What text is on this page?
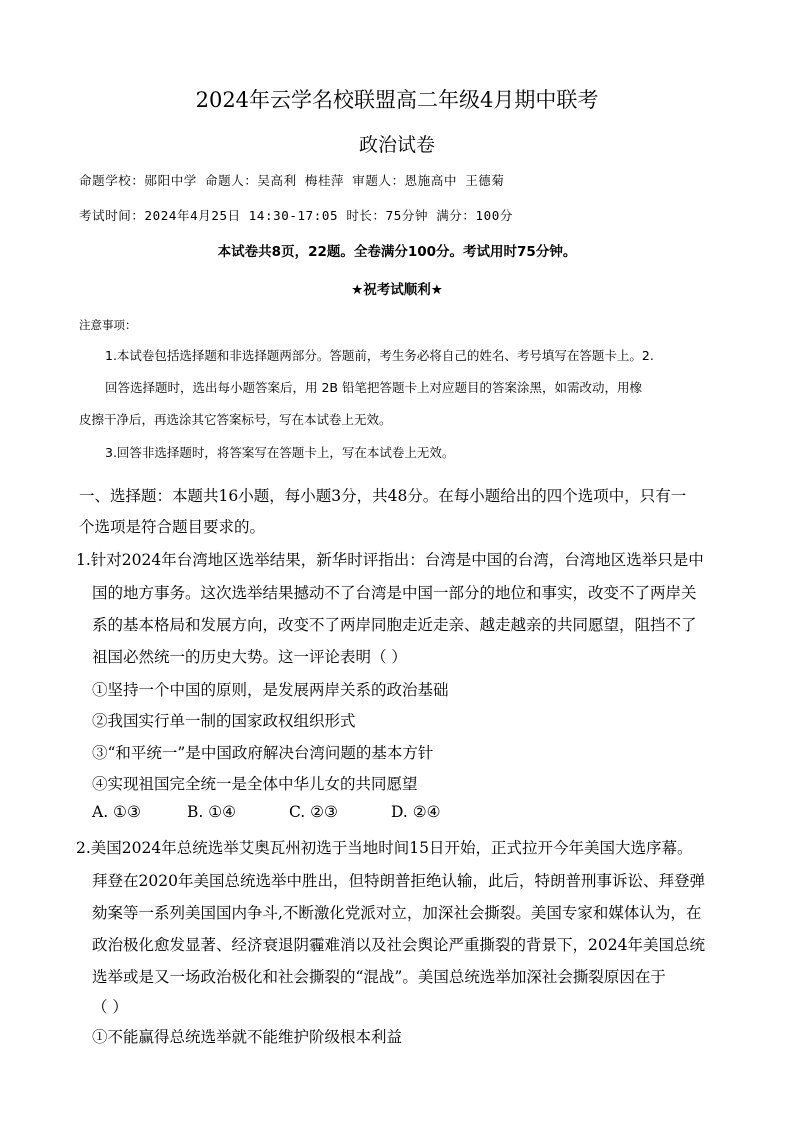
2024年云学名校联盟高二年级4月期中联考
政治试卷
命题学校：郧阳中学 命题人：吴高利 梅桂萍 审题人：恩施高中 王德菊
考试时间：2024年4月25日 14:30-17:05 时长：75分钟 满分：100分
本试卷共8页，22题。全卷满分100分。考试用时75分钟。
★祝考试顺利★
注意事项：
1.本试卷包括选择题和非选择题两部分。答题前，考生务必将自己的姓名、考号填写在答题卡上。2.
回答选择题时，选出每小题答案后，用 2B 铅笔把答题卡上对应题目的答案涂黑，如需改动，用橡
皮擦干净后，再选涂其它答案标号，写在本试卷上无效。
3.回答非选择题时，将答案写在答题卡上，写在本试卷上无效。
一、选择题：本题共16小题，每小题3分，共48分。在每小题给出的四个选项中，只有一
个选项是符合题目要求的。
1.针对2024年台湾地区选举结果，新华时评指出：台湾是中国的台湾，台湾地区选举只是中
国的地方事务。这次选举结果撼动不了台湾是中国一部分的地位和事实，改变不了两岸关
系的基本格局和发展方向，改变不了两岸同胞走近走亲、越走越亲的共同愿望，阻挡不了
祖国必然统一的历史大势。这一评论表明（ ）
①坚持一个中国的原则，是发展两岸关系的政治基础
②我国实行单一制的国家政权组织形式
③“和平统一”是中国政府解决台湾问题的基本方针
④实现祖国完全统一是全体中华儿女的共同愿望
A. ①③	B. ①④	C. ②③	D. ②④
2.美国2024年总统选举艾奥瓦州初选于当地时间15日开始，正式拉开今年美国大选序幕。
拜登在2020年美国总统选举中胜出，但特朗普拒绝认输，此后，特朗普刑事诉讼、拜登弹
劾案等一系列美国国内争斗,不断激化党派对立，加深社会撕裂。美国专家和媒体认为，在
政治极化愈发显著、经济衰退阴霾难消以及社会舆论严重撕裂的背景下，2024年美国总统
选举或是又一场政治极化和社会撕裂的“混战”。美国总统选举加深社会撕裂原因在于
（ ）
①不能赢得总统选举就不能维护阶级根本利益
